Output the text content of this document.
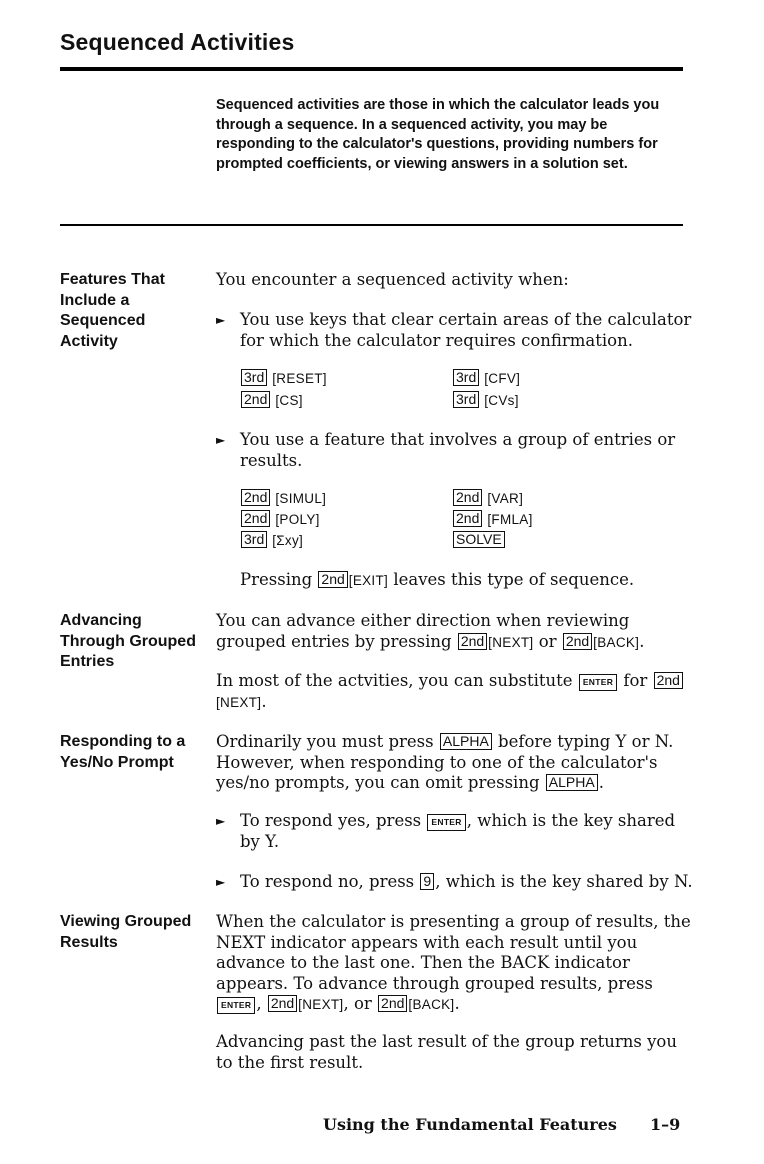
Sequenced Activities

Sequenced activities are those in which the calculator leads you through a sequence. In a sequenced activity, you may be responding to the calculator's questions, providing numbers for prompted coefficients, or viewing answers in a solution set.

Features That
Include a
Sequenced
Activity

You encounter a sequenced activity when:

► You use keys that clear certain areas of the calculator for which the calculator requires confirmation.
3rd [RESET]	3rd [CFV]
2nd [CS]	3rd [CVs]
► You use a feature that involves a group of entries or results.
2nd [SIMUL]	2nd [VAR]
2nd [POLY]	2nd [FMLA]
3rd [Σxy]	SOLVE
Pressing 2nd [EXIT] leaves this type of sequence.
Advancing
Through Grouped
Entries

You can advance either direction when reviewing grouped entries by pressing 2nd [NEXT] or 2nd [BACK].

In most of the actvities, you can substitute ENTER for 2nd[NEXT].

Responding to a
Yes/No Prompt

Ordinarily you must press ALPHA before typing Y or N. However, when responding to one of the calculator's yes/no prompts, you can omit pressing ALPHA .

► To respond yes, press ENTER , which is the key shared by Y.
► To respond no, press 9 , which is the key shared by N.
Viewing Grouped
Results

When the calculator is presenting a group of results, the NEXT indicator appears with each result until you advance to the last one. Then the BACK indicator appears. To advance through grouped results, press ENTER , 2nd [NEXT], or 2nd [BACK].

Advancing past the last result of the group returns you to the first result.

Using the Fundamental Features 1–9
